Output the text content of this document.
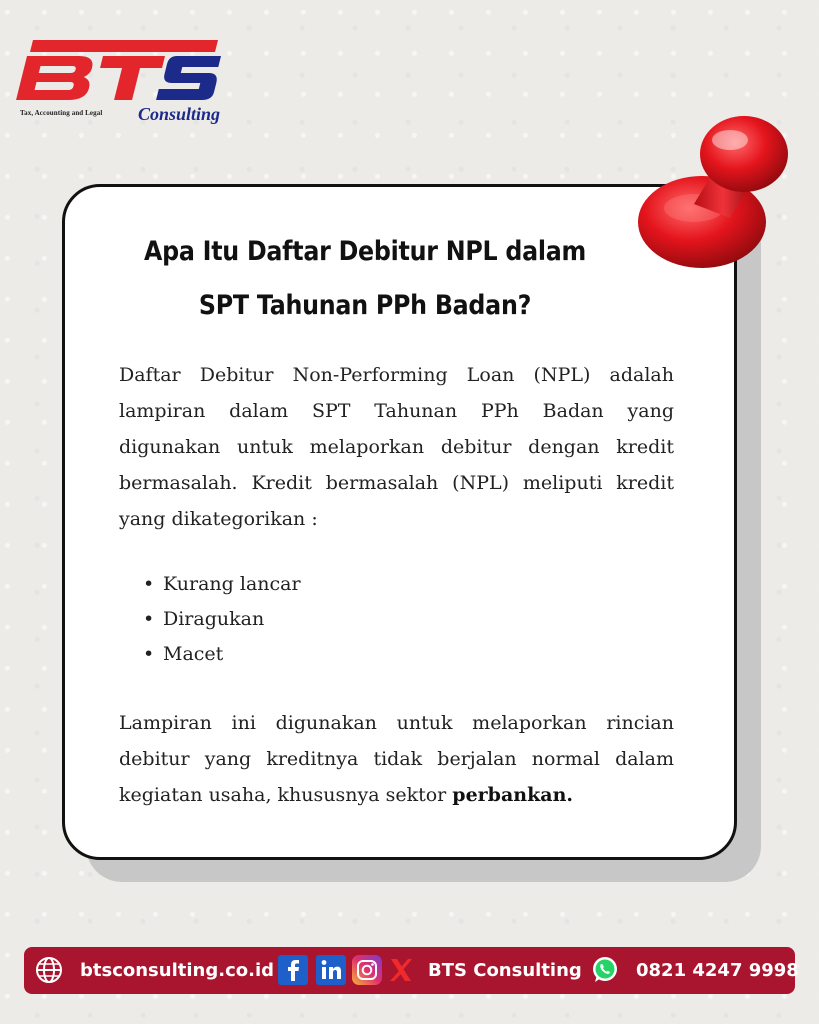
Tax, Accounting and Legal Consulting
Apa Itu Daftar Debitur NPL dalam
SPT Tahunan PPh Badan?
Daftar Debitur Non-Performing Loan (NPL) adalah lampiran dalam SPT Tahunan PPh Badan yang digunakan untuk melaporkan debitur dengan kredit bermasalah. Kredit bermasalah (NPL) meliputi kredit yang dikategorikan :
• Kurang lancar
• Diragukan
• Macet
Lampiran ini digunakan untuk melaporkan rincian debitur yang kreditnya tidak berjalan normal dalam kegiatan usaha, khususnya sektor perbankan.
btsconsulting.co.id	BTS Consulting	0821 4247 9998
